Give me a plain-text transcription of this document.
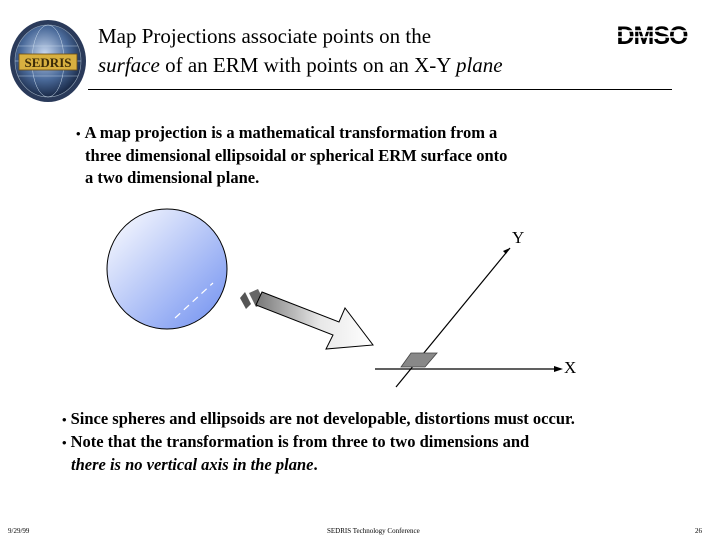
SEDRIS
Map Projections associate points on the
surface of an ERM with points on an X-Y plane
DMSO
• A map projection is a mathematical transformation from a
three dimensional ellipsoidal or spherical ERM surface onto
a two dimensional plane.
Y
X
• Since spheres and ellipsoids are not developable, distortions must occur.
• Note that the transformation is from three to two dimensions and
there is no vertical axis in the plane.
9/29/99	SEDRIS Technology Conference	26
